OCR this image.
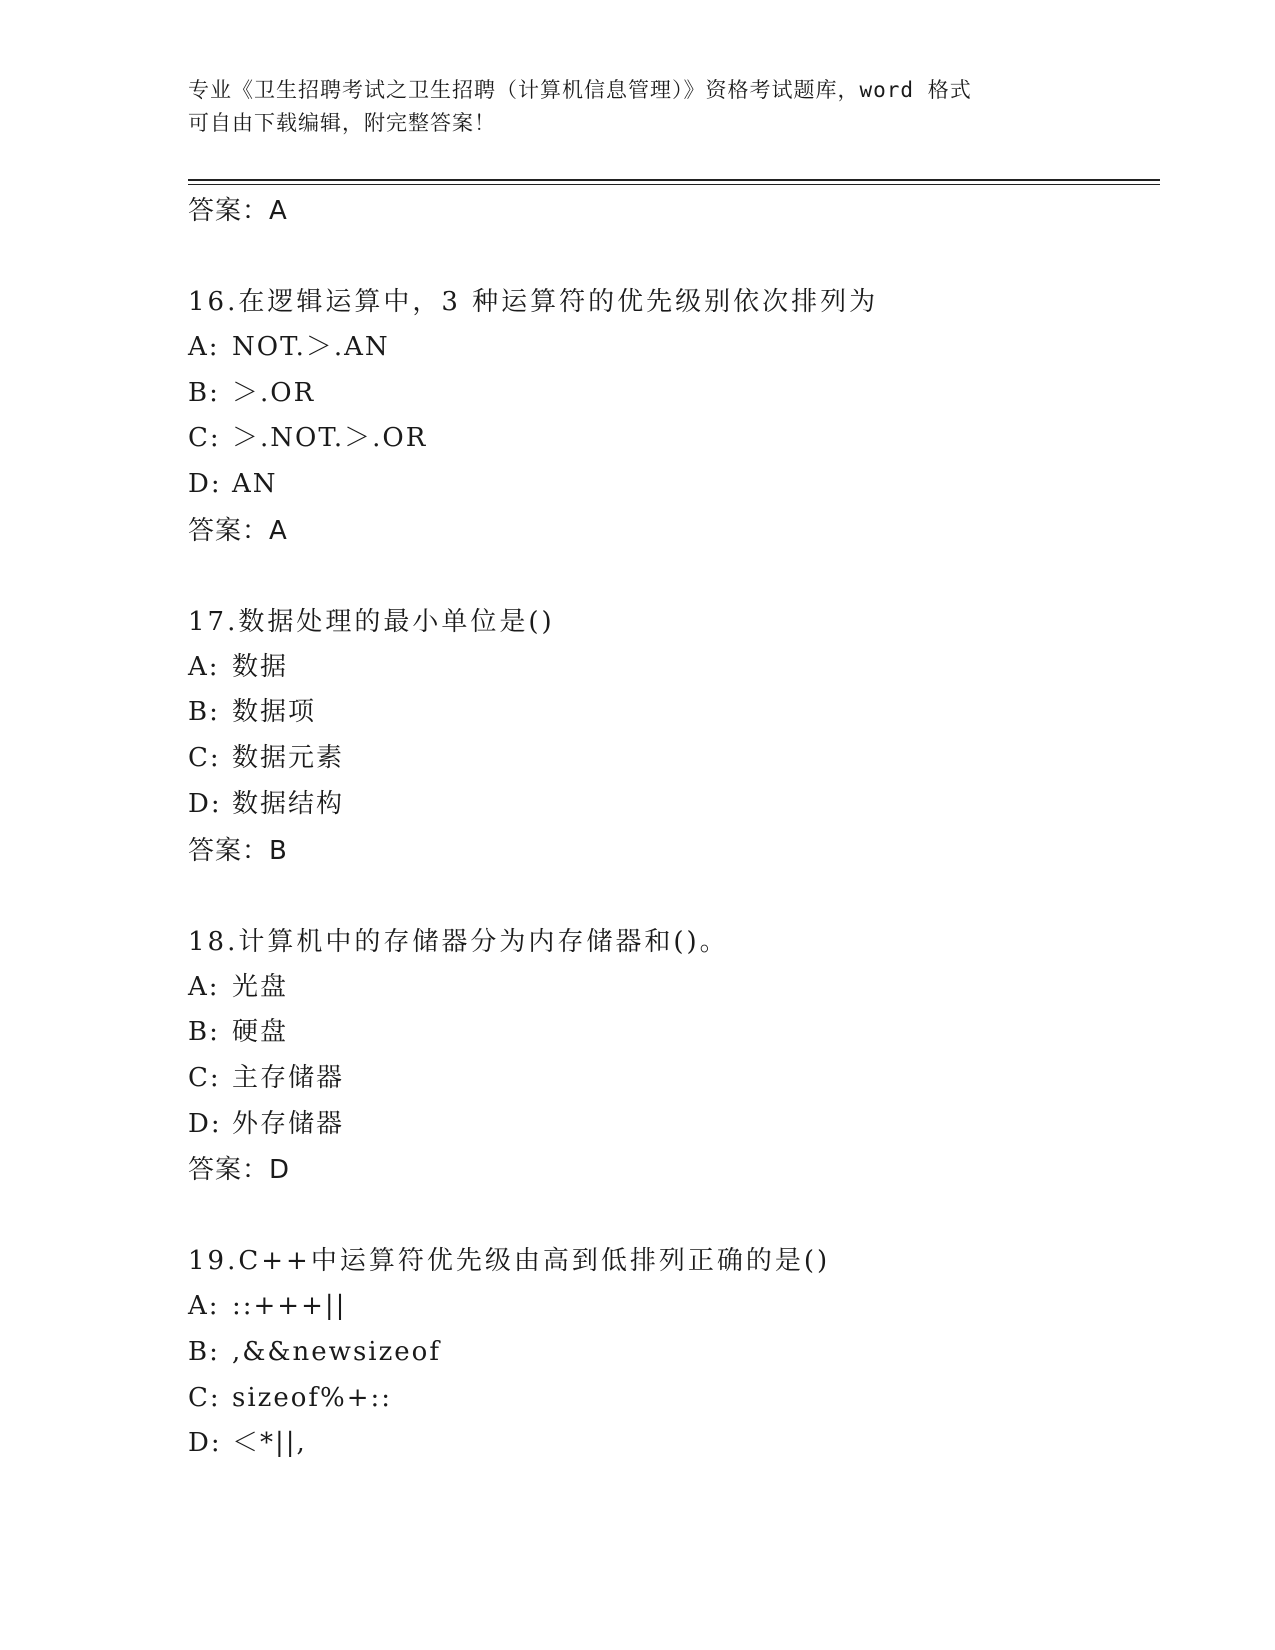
专业《卫生招聘考试之卫生招聘（计算机信息管理）》资格考试题库，word 格式
可自由下载编辑，附完整答案！
答案：A
16.在逻辑运算中，3 种运算符的优先级别依次排列为
A: NOT.＞.AN
B: ＞.OR
C: ＞.NOT.＞.OR
D: AN
答案：A
17.数据处理的最小单位是()
A: 数据
B: 数据项
C: 数据元素
D: 数据结构
答案：B
18.计算机中的存储器分为内存储器和()。
A: 光盘
B: 硬盘
C: 主存储器
D: 外存储器
答案：D
19.C++中运算符优先级由高到低排列正确的是()
A: ::+++||
B: ,&&newsizeof
C: sizeof%+::
D: ＜*||,
